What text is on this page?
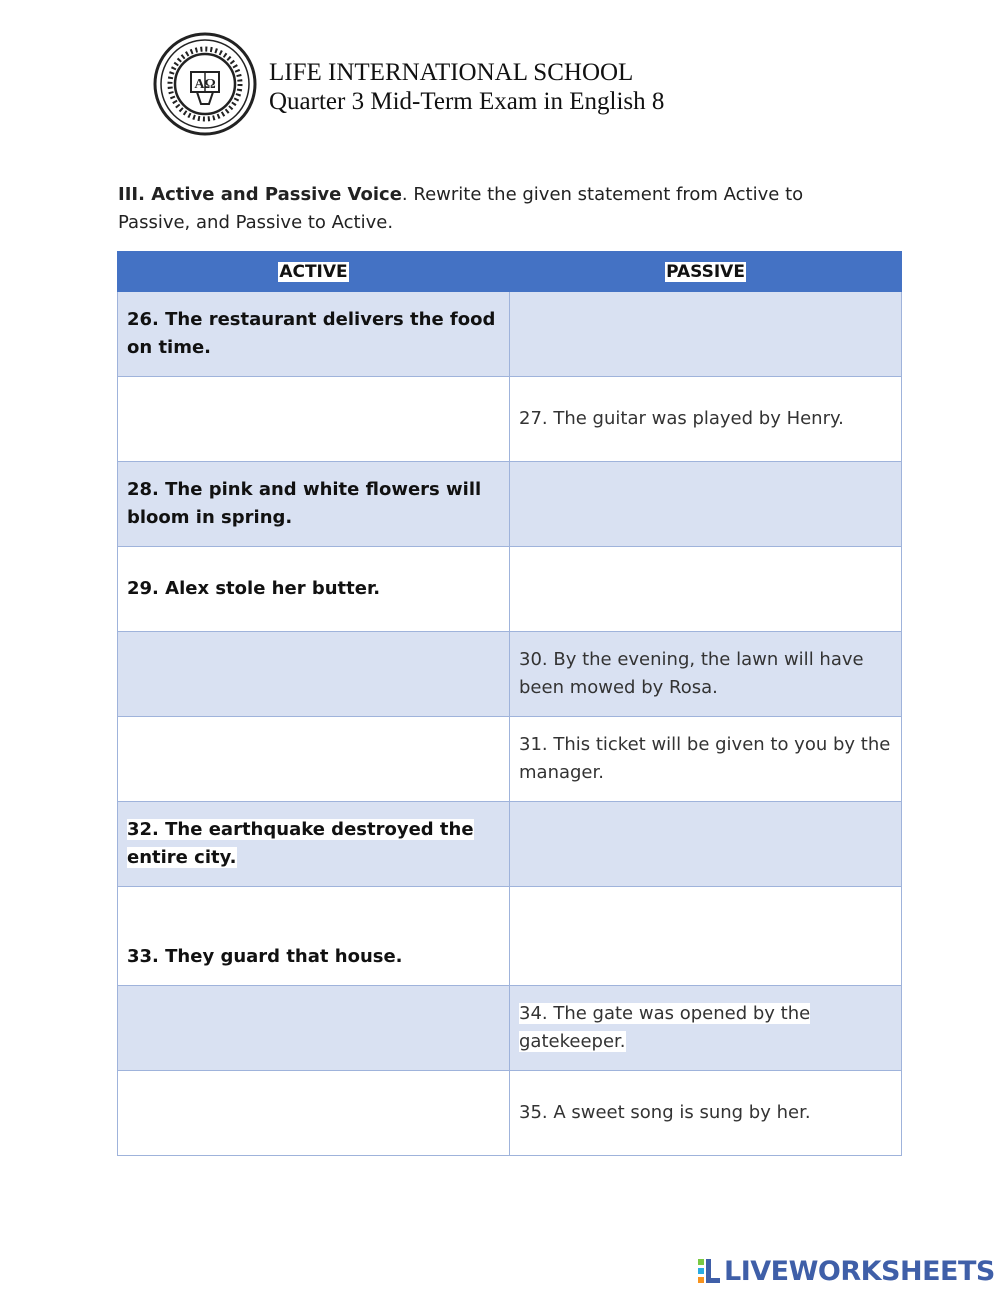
AΩ LIFE INTERNATIONAL SCHOOL
Quarter 3 Mid-Term Exam in English 8
III. Active and Passive Voice. Rewrite the given statement from Active to Passive, and Passive to Active.
ACTIVE	PASSIVE
26. The restaurant delivers the food on time.	
	27. The guitar was played by Henry.
28. The pink and white flowers will bloom in spring.	
29. Alex stole her butter.	
	30. By the evening, the lawn will have been mowed by Rosa.
	31. This ticket will be given to you by the manager.
32. The earthquake destroyed the entire city.	
33. They guard that house.	
	34. The gate was opened by the gatekeeper.
	35. A sweet song is sung by her.
LIVEWORKSHEETS
